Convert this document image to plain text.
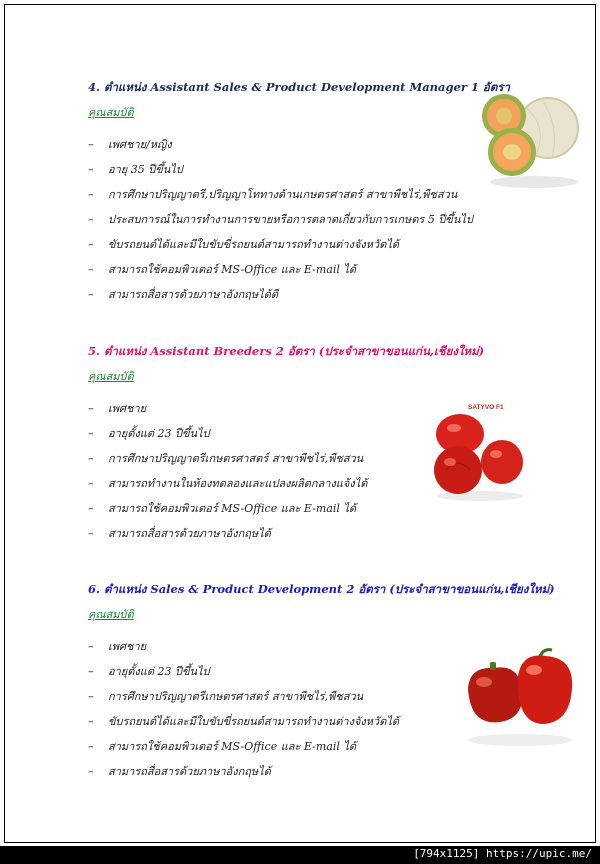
4. ตำแหน่ง Assistant Sales & Product Development Manager 1 อัตรา
คุณสมบัติ
– เพศชาย/หญิง
– อายุ 35 ปีขึ้นไป
– การศึกษาปริญญาตรี,ปริญญาโททางด้านเกษตรศาสตร์ สาขาพืชไร่,พืชสวน
– ประสบการณ์ในการทำงานการขายหรือการตลาดเกี่ยวกับการเกษตร 5 ปีขึ้นไป
– ขับรถยนต์ได้และมีใบขับขี่รถยนต์สามารถทำงานต่างจังหวัดได้
– สามารถใช้คอมพิวเตอร์ MS-Office และ E-mail ได้
– สามารถสื่อสารด้วยภาษาอังกฤษได้ดี
5. ตำแหน่ง Assistant Breeders 2 อัตรา (ประจำสาขาขอนแก่น,เชียงใหม่)
คุณสมบัติ
– เพศชาย
– อายุตั้งแต่ 23 ปีขึ้นไป
– การศึกษาปริญญาตรีเกษตรศาสตร์ สาขาพืชไร่,พืชสวน
– สามารถทำงานในห้องทดลองและแปลงผลิตกลางแจ้งได้
– สามารถใช้คอมพิวเตอร์ MS-Office และ E-mail ได้
– สามารถสื่อสารด้วยภาษาอังกฤษได้
6. ตำแหน่ง Sales & Product Development 2 อัตรา (ประจำสาขาขอนแก่น,เชียงใหม่)
คุณสมบัติ
– เพศชาย
– อายุตั้งแต่ 23 ปีขึ้นไป
– การศึกษาปริญญาตรีเกษตรศาสตร์ สาขาพืชไร่,พืชสวน
– ขับรถยนต์ได้และมีใบขับขี่รถยนต์สามารถทำงานต่างจังหวัดได้
– สามารถใช้คอมพิวเตอร์ MS-Office และ E-mail ได้
– สามารถสื่อสารด้วยภาษาอังกฤษได้
SATYVO F1
[794x1125] https://upic.me/
